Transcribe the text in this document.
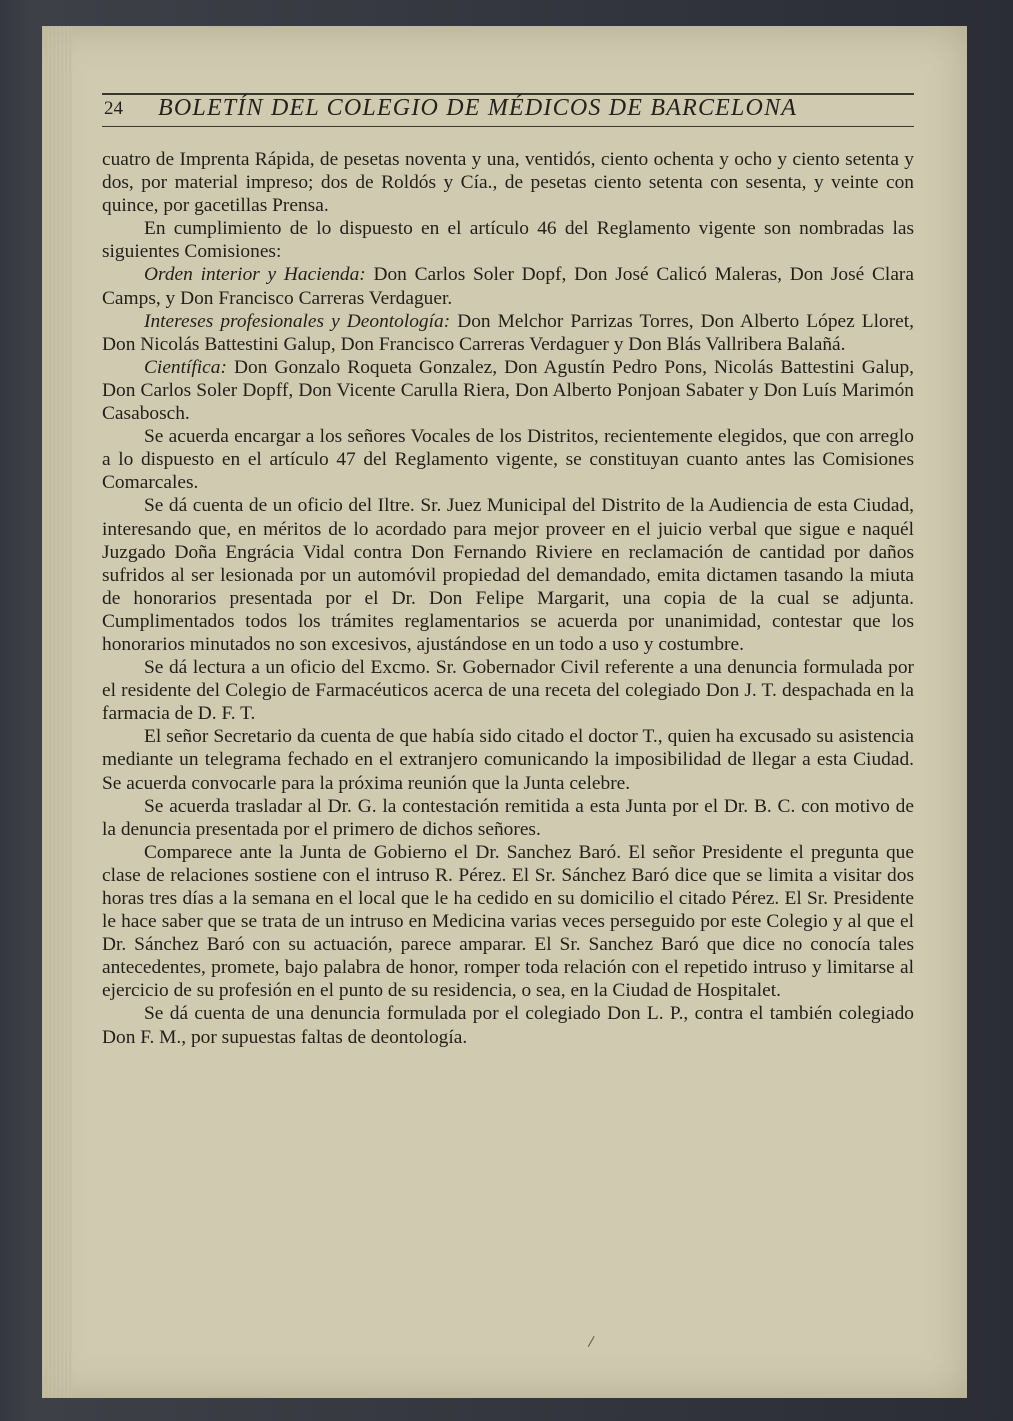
24 BOLETÍN DEL COLEGIO DE MÉDICOS DE BARCELONA

cuatro de Imprenta Rápida, de pesetas noventa y una, ventidós, ciento ochenta y ocho y ciento setenta y dos, por material impreso; dos de Roldós y Cía., de pesetas ciento setenta con sesenta, y veinte con quince, por gacetillas Prensa.

En cumplimiento de lo dispuesto en el artículo 46 del Reglamento vigente son nombradas las siguientes Comisiones:

Orden interior y Hacienda: Don Carlos Soler Dopf, Don José Calicó Maleras, Don José Clara Camps, y Don Francisco Carreras Verdaguer.

Intereses profesionales y Deontología: Don Melchor Parrizas Torres, Don Alberto López Lloret, Don Nicolás Battestini Galup, Don Francisco Carreras Verdaguer y Don Blás Vallribera Balañá.

Científica: Don Gonzalo Roqueta Gonzalez, Don Agustín Pedro Pons, Nicolás Battestini Galup, Don Carlos Soler Dopff, Don Vicente Carulla Riera, Don Alberto Ponjoan Sabater y Don Luís Marimón Casabosch.

Se acuerda encargar a los señores Vocales de los Distritos, recientemente elegidos, que con arreglo a lo dispuesto en el artículo 47 del Reglamento vigente, se constituyan cuanto antes las Comisiones Comarcales.

Se dá cuenta de un oficio del Iltre. Sr. Juez Municipal del Distrito de la Audiencia de esta Ciudad, interesando que, en méritos de lo acordado para mejor proveer en el juicio verbal que sigue e naquél Juzgado Doña Engrácia Vidal contra Don Fernando Riviere en reclamación de cantidad por daños sufridos al ser lesionada por un automóvil propiedad del demandado, emita dictamen tasando la miuta de honorarios presentada por el Dr. Don Felipe Margarit, una copia de la cual se adjunta. Cumplimentados todos los trámites reglamentarios se acuerda por unanimidad, contestar que los honorarios minutados no son excesivos, ajustándose en un todo a uso y costumbre.

Se dá lectura a un oficio del Excmo. Sr. Gobernador Civil referente a una denuncia formulada por el residente del Colegio de Farmacéuticos acerca de una receta del colegiado Don J. T. despachada en la farmacia de D. F. T.

El señor Secretario da cuenta de que había sido citado el doctor T., quien ha excusado su asistencia mediante un telegrama fechado en el extranjero comunicando la imposibilidad de llegar a esta Ciudad. Se acuerda convocarle para la próxima reunión que la Junta celebre.

Se acuerda trasladar al Dr. G. la contestación remitida a esta Junta por el Dr. B. C. con motivo de la denuncia presentada por el primero de dichos señores.

Comparece ante la Junta de Gobierno el Dr. Sanchez Baró. El señor Presidente el pregunta que clase de relaciones sostiene con el intruso R. Pérez. El Sr. Sánchez Baró dice que se limita a visitar dos horas tres días a la semana en el local que le ha cedido en su domicilio el citado Pérez. El Sr. Presidente le hace saber que se trata de un intruso en Medicina varias veces perseguido por este Colegio y al que el Dr. Sánchez Baró con su actuación, parece amparar. El Sr. Sanchez Baró que dice no conocía tales antecedentes, promete, bajo palabra de honor, romper toda relación con el repetido intruso y limitarse al ejercicio de su profesión en el punto de su residencia, o sea, en la Ciudad de Hospitalet.

Se dá cuenta de una denuncia formulada por el colegiado Don L. P., contra el también colegiado Don F. M., por supuestas faltas de deontología.
